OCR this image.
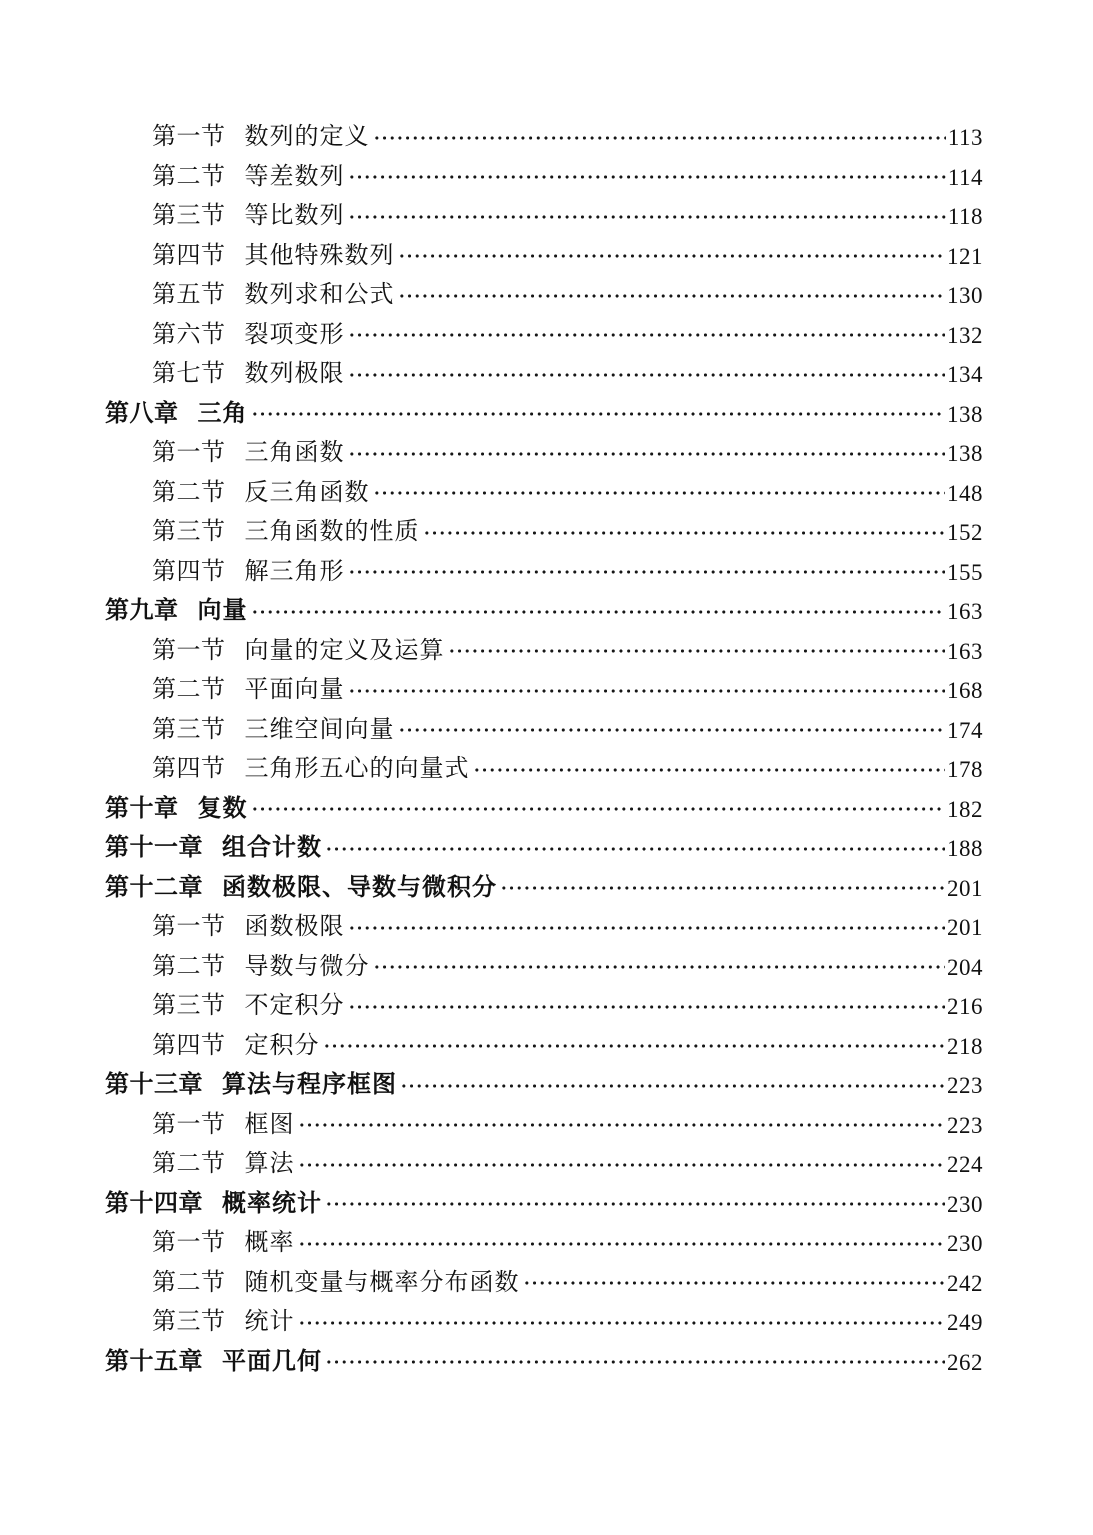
第一节 数列的定义	113
第二节 等差数列	114
第三节 等比数列	118
第四节 其他特殊数列	121
第五节 数列求和公式	130
第六节 裂项变形	132
第七节 数列极限	134
第八章 三角	138
第一节 三角函数	138
第二节 反三角函数	148
第三节 三角函数的性质	152
第四节 解三角形	155
第九章 向量	163
第一节 向量的定义及运算	163
第二节 平面向量	168
第三节 三维空间向量	174
第四节 三角形五心的向量式	178
第十章 复数	182
第十一章 组合计数	188
第十二章 函数极限、导数与微积分	201
第一节 函数极限	201
第二节 导数与微分	204
第三节 不定积分	216
第四节 定积分	218
第十三章 算法与程序框图	223
第一节 框图	223
第二节 算法	224
第十四章 概率统计	230
第一节 概率	230
第二节 随机变量与概率分布函数	242
第三节 统计	249
第十五章 平面几何	262
